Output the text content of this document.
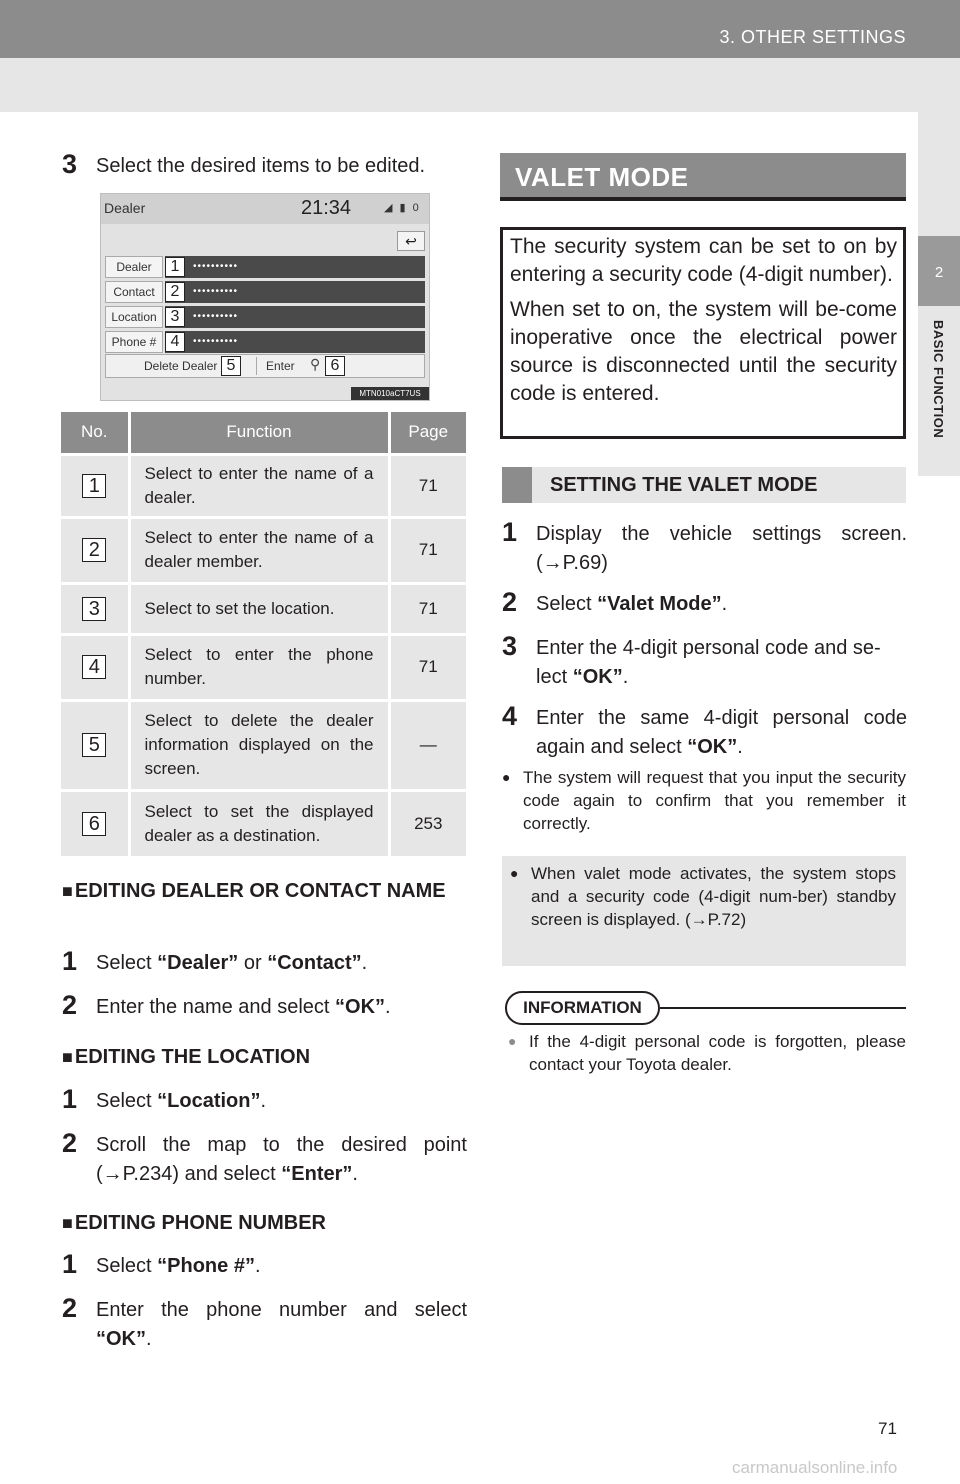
3. OTHER SETTINGS
2
BASIC FUNCTION
3 Select the desired items to be edited.
Dealer	21:34	◢ ▮ 0
↩
Dealer	••••••••••
Contact	••••••••••
Location	••••••••••
Phone #	••••••••••
1
2
3
4
Delete Dealer	Enter ⚲
5	6
MTN010aCT7US
No.	Function	Page
1	Select to enter the name of a dealer.	71
2	Select to enter the name of a dealer member.	71
3	Select to set the location.	71
4	Select to enter the phone number.	71
5	Select to delete the dealer information displayed on the screen.	—
6	Select to set the displayed dealer as a destination.	253
■ EDITING DEALER OR CONTACT NAME
1 Select “Dealer” or “Contact”.
2 Enter the name and select “OK”.
■ EDITING THE LOCATION
1 Select “Location”.
2 Scroll the map to the desired point (→P.234) and select “Enter”.
■ EDITING PHONE NUMBER
1 Select “Phone #”.
2 Enter the phone number and select “OK”.
VALET MODE

The security system can be set to on by entering a security code (4-digit number).

When set to on, the system will be-come inoperative once the electrical power source is disconnected until the security code is entered.

SETTING THE VALET MODE
1 Display the vehicle settings screen. (→P.69)
2 Select “Valet Mode”.
3 Enter the 4-digit personal code and se-lect “OK”.
4 Enter the same 4-digit personal code again and select “OK”.
● The system will request that you input the security code again to confirm that you remember it correctly.
● When valet mode activates, the system stops and a security code (4-digit num-ber) standby screen is displayed. (→P.72)
INFORMATION
● If the 4-digit personal code is forgotten, please contact your Toyota dealer.
71
carmanualsonline.info
